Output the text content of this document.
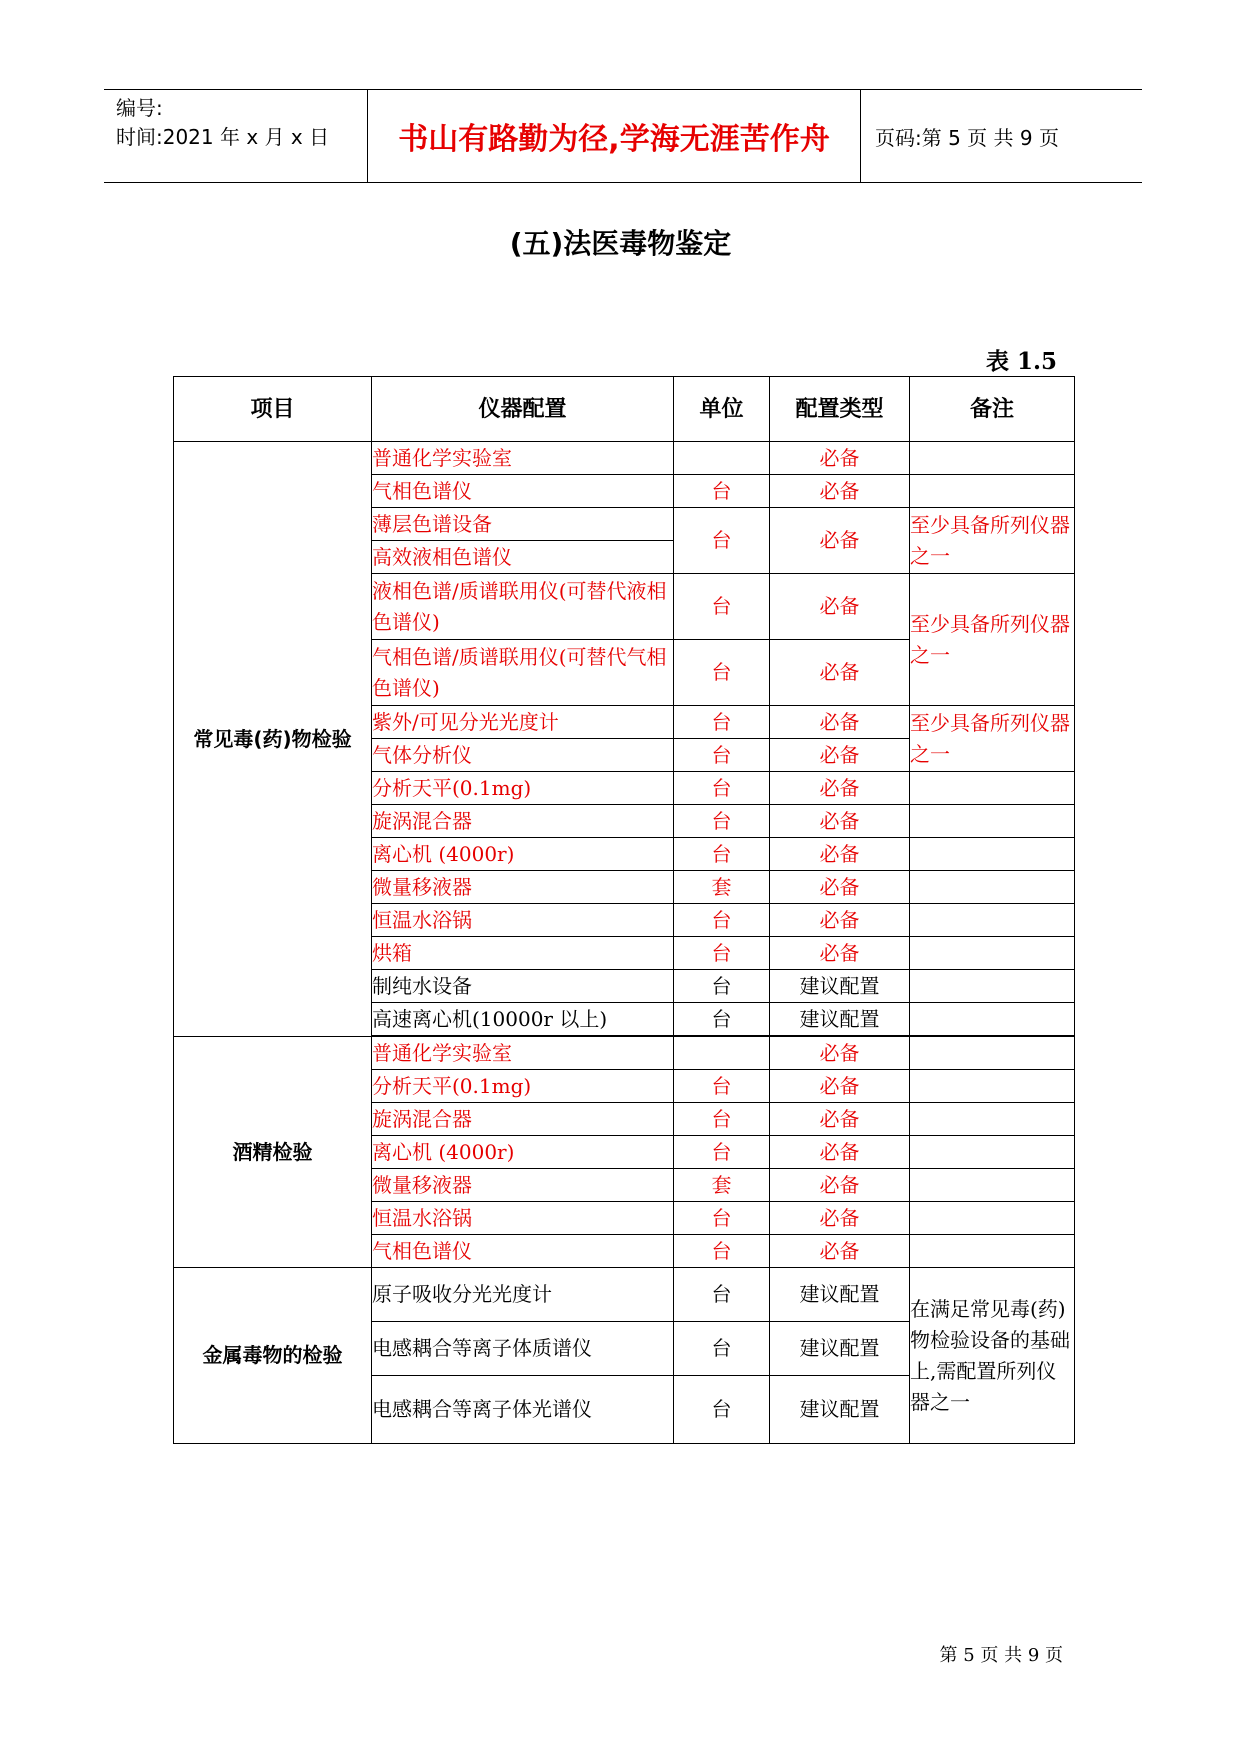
编号:
时间:2021 年 x 月 x 日	书山有路勤为径,学海无涯苦作舟	页码:第 5 页 共 9 页
(五)法医毒物鉴定
表 1.5
项目	仪器配置	单位	配置类型	备注
常见毒(药)物检验	普通化学实验室		必备	
	气相色谱仪	台	必备	
	薄层色谱设备	台	必备	至少具备所列仪器之一
	高效液相色谱仪			
	液相色谱/质谱联用仪(可替代液相色谱仪)	台	必备	至少具备所列仪器之一
	气相色谱/质谱联用仪(可替代气相色谱仪)	台	必备	
	紫外/可见分光光度计	台	必备	至少具备所列仪器之一
	气体分析仪	台	必备	
	分析天平(0.1mg)	台	必备	
	旋涡混合器	台	必备	
	离心机 (4000r)	台	必备	
	微量移液器	套	必备	
	恒温水浴锅	台	必备	
	烘箱	台	必备	
	制纯水设备	台	建议配置	
	高速离心机(10000r 以上)	台	建议配置	

酒精检验	普通化学实验室		必备	
	分析天平(0.1mg)	台	必备	
	旋涡混合器	台	必备	
	离心机 (4000r)	台	必备	
	微量移液器	套	必备	
	恒温水浴锅	台	必备	
	气相色谱仪	台	必备	
金属毒物的检验	原子吸收分光光度计	台	建议配置	在满足常见毒(药)物检验设备的基础上,需配置所列仪器之一
	电感耦合等离子体质谱仪	台	建议配置	
	电感耦合等离子体光谱仪	台	建议配置	
第 5 页 共 9 页
